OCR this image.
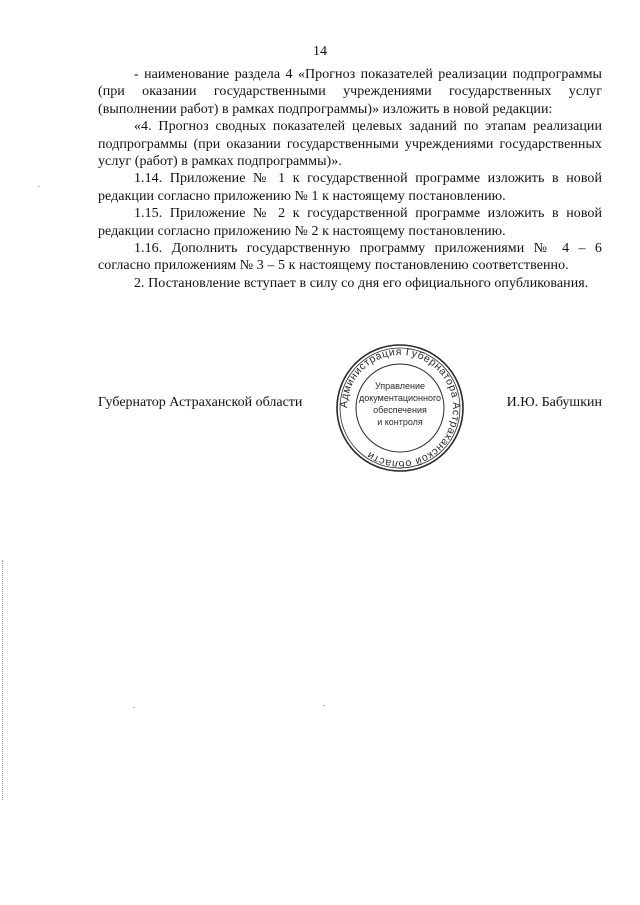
14

- наименование раздела 4 «Прогноз показателей реализации подпрограммы (при оказании государственными учреждениями государственных услуг (выполнении работ) в рамках подпрограммы)» изложить в новой редакции:

«4. Прогноз сводных показателей целевых заданий по этапам реализации подпрограммы (при оказании государственными учреждениями государственных услуг (работ) в рамках подпрограммы)».

1.14. Приложение № 1 к государственной программе изложить в новой редакции согласно приложению № 1 к настоящему постановлению.

1.15. Приложение № 2 к государственной программе изложить в новой редакции согласно приложению № 2 к настоящему постановлению.

1.16. Дополнить государственную программу приложениями № 4 – 6 согласно приложениям № 3 – 5 к настоящему постановлению соответственно.

2. Постановление вступает в силу со дня его официального опубликования.

Губернатор Астраханской области	И.Ю. Бабушкин
Администрация Губернатора Астраханской области
Управление
документационного
обеспечения
и контроля
